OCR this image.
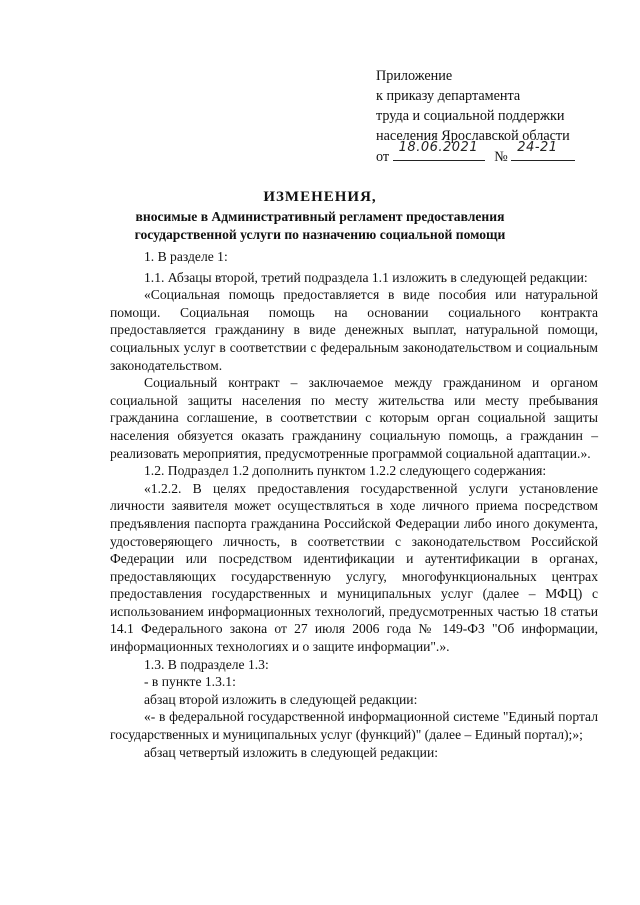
Приложение
к приказу департамента
труда и социальной поддержки
населения Ярославской области
от
18.06.2021
№
24-21
ИЗМЕНЕНИЯ,
вносимые в Административный регламент предоставления
государственной услуги по назначению социальной помощи

1. В разделе 1:

1.1. Абзацы второй, третий подраздела 1.1 изложить в следующей редакции:

«Социальная помощь предоставляется в виде пособия или натуральной помощи. Социальная помощь на основании социального контракта предоставляется гражданину в виде денежных выплат, натуральной помощи, социальных услуг в соответствии с федеральным законодательством и социальным законодательством.

Социальный контракт – заключаемое между гражданином и органом социальной защиты населения по месту жительства или месту пребывания гражданина соглашение, в соответствии с которым орган социальной защиты населения обязуется оказать гражданину социальную помощь, а гражданин – реализовать мероприятия, предусмотренные программой социальной адаптации.».

1.2. Подраздел 1.2 дополнить пунктом 1.2.2 следующего содержания:

«1.2.2. В целях предоставления государственной услуги установление личности заявителя может осуществляться в ходе личного приема посредством предъявления паспорта гражданина Российской Федерации либо иного документа, удостоверяющего личность, в соответствии с законодательством Российской Федерации или посредством идентификации и аутентификации в органах, предоставляющих государственную услугу, многофункциональных центрах предоставления государственных и муниципальных услуг (далее – МФЦ) с использованием информационных технологий, предусмотренных частью 18 статьи 14.1 Федерального закона от 27 июля 2006 года № 149-ФЗ "Об информации, информационных технологиях и о защите информации".».

1.3. В подразделе 1.3:

- в пункте 1.3.1:

абзац второй изложить в следующей редакции:

«- в федеральной государственной информационной системе "Единый портал государственных и муниципальных услуг (функций)" (далее – Единый портал);»;

абзац четвертый изложить в следующей редакции:
